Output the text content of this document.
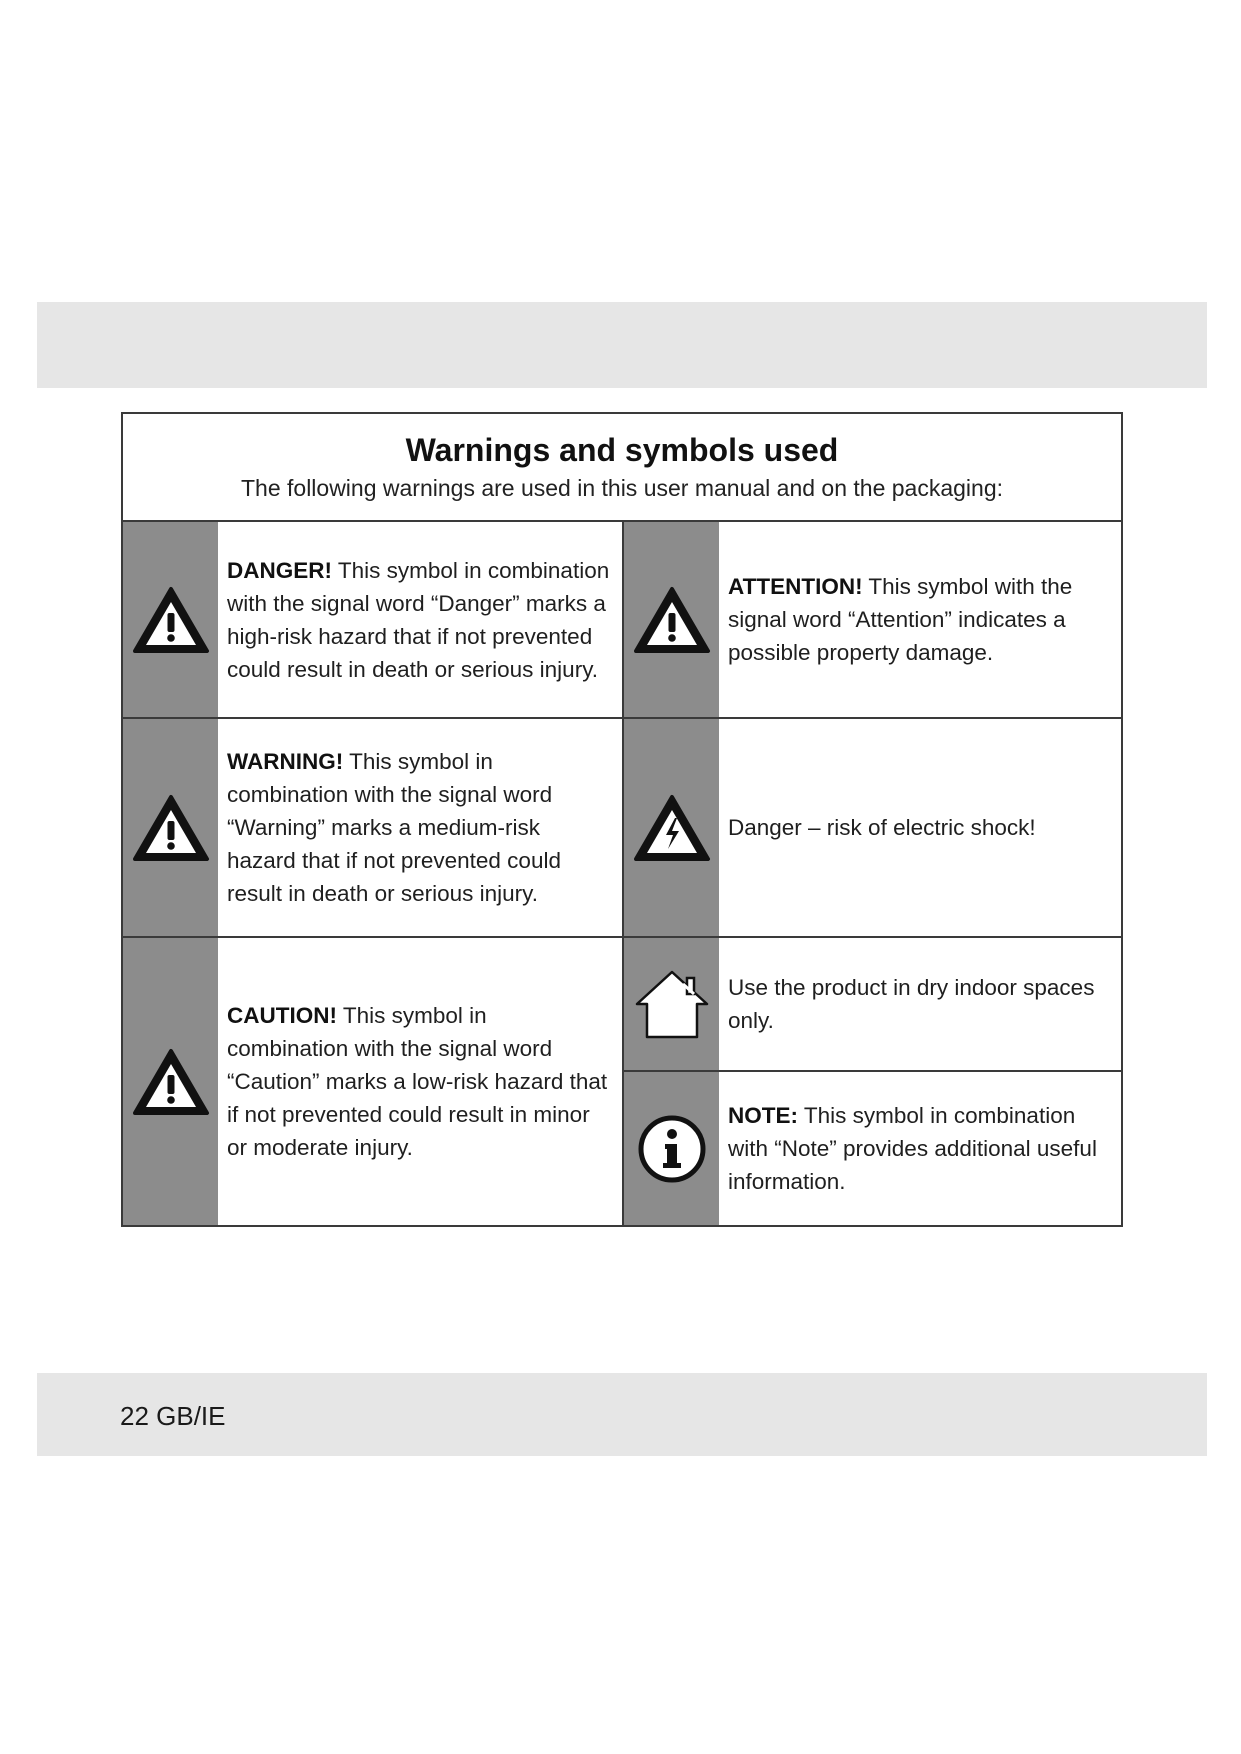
Warnings and symbols used
The following warnings are used in this user manual and on the packaging:

DANGER! This symbol in combination with the signal word “Danger” marks a high-risk hazard that if not prevented could result in death or serious injury.

ATTENTION! This symbol with the signal word “Attention” indicates a possible property damage.

WARNING! This symbol in combination with the signal word “Warning” marks a medium-risk hazard that if not prevented could result in death or serious injury.

Danger – risk of electric shock!

CAUTION! This symbol in combination with the signal word “Caution” marks a low-risk hazard that if not prevented could result in minor or moderate injury.

Use the product in dry indoor spaces only.

NOTE: This symbol in combination with “Note” provides additional useful information.

22 GB/IE
